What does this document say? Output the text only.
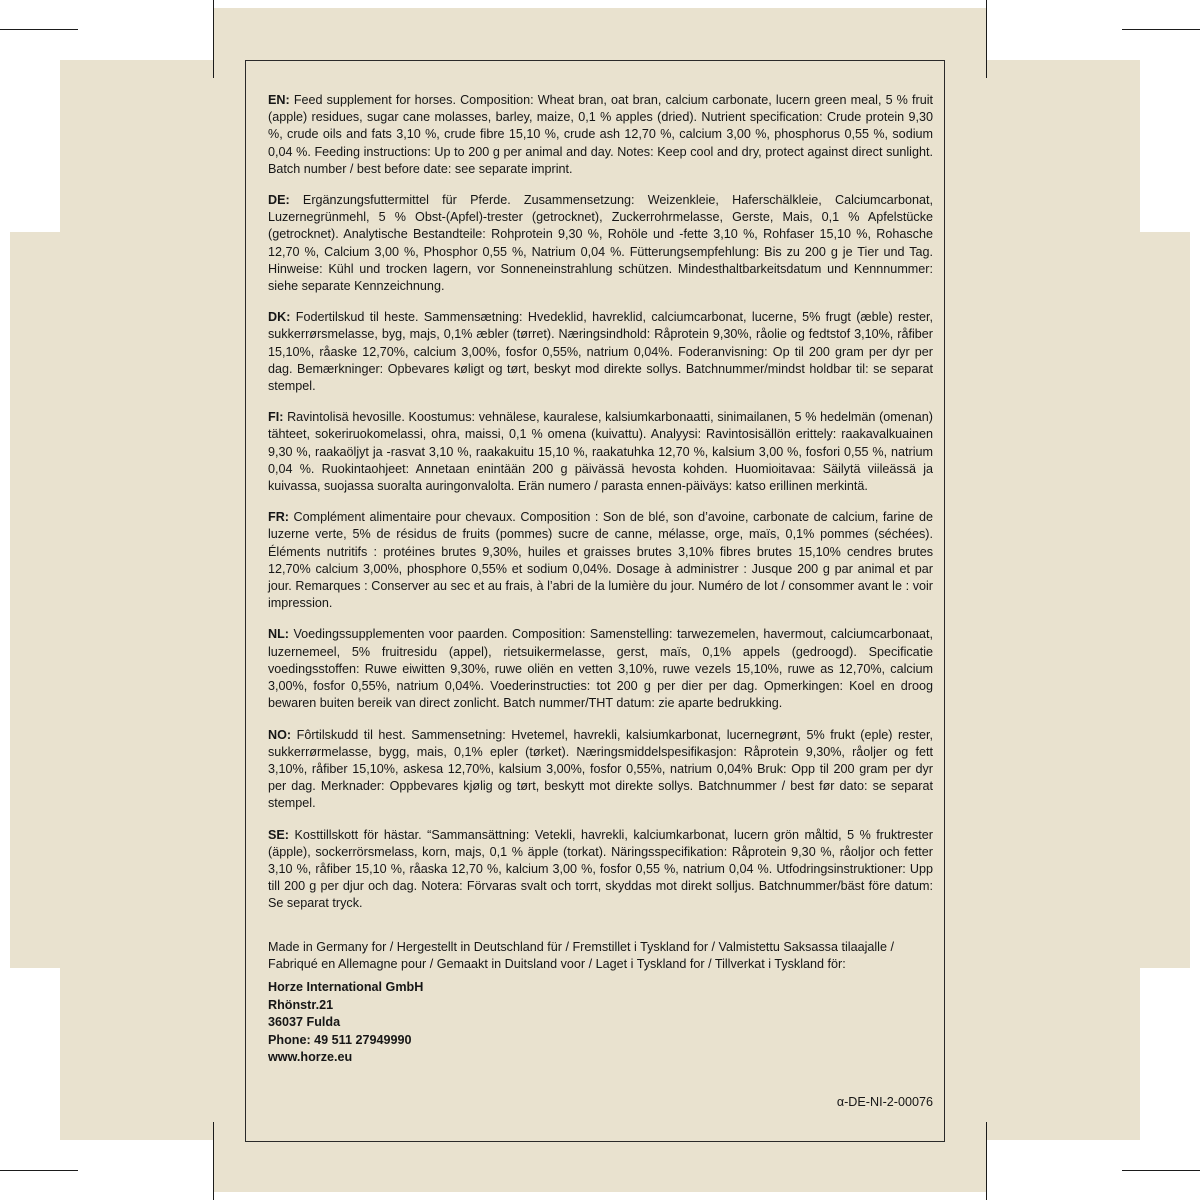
EN: Feed supplement for horses. Composition: Wheat bran, oat bran, calcium carbonate, lucern green meal, 5 % fruit (apple) residues, sugar cane molasses, barley, maize, 0,1 % apples (dried). Nutrient specification: Crude protein 9,30 %, crude oils and fats 3,10 %, crude fibre 15,10 %, crude ash 12,70 %, calcium 3,00 %, phosphorus 0,55 %, sodium 0,04 %. Feeding instructions: Up to 200 g per animal and day. Notes: Keep cool and dry, protect against direct sunlight. Batch number / best before date: see separate imprint.
DE: Ergänzungsfuttermittel für Pferde. Zusammensetzung: Weizenkleie, Haferschälkleie, Calciumcarbonat, Luzernegrünmehl, 5 % Obst-(Apfel)-trester (getrocknet), Zuckerrohrmelasse, Gerste, Mais, 0,1 % Apfelstücke (getrocknet). Analytische Bestandteile: Rohprotein 9,30 %, Rohöle und -fette 3,10 %, Rohfaser 15,10 %, Rohasche 12,70 %, Calcium 3,00 %, Phosphor 0,55 %, Natrium 0,04 %. Fütterungsempfehlung: Bis zu 200 g je Tier und Tag. Hinweise: Kühl und trocken lagern, vor Sonneneinstrahlung schützen. Mindesthaltbarkeitsdatum und Kennnummer: siehe separate Kennzeichnung.
DK: Fodertilskud til heste. Sammensætning: Hvedeklid, havreklid, calciumcarbonat, lucerne, 5% frugt (æble) rester, sukkerrørsmelasse, byg, majs, 0,1% æbler (tørret). Næringsindhold: Råprotein 9,30%, råolie og fedtstof 3,10%, råfiber 15,10%, råaske 12,70%, calcium 3,00%, fosfor 0,55%, natrium 0,04%. Foderanvisning: Op til 200 gram per dyr per dag. Bemærkninger: Opbevares køligt og tørt, beskyt mod direkte sollys. Batchnummer/mindst holdbar til: se separat stempel.
FI: Ravintolisä hevosille. Koostumus: vehnälese, kauralese, kalsiumkarbonaatti, sinimailanen, 5 % hedelmän (omenan) tähteet, sokeriruokomelassi, ohra, maissi, 0,1 % omena (kuivattu). Analyysi: Ravintosisällön erittely: raakavalkuainen 9,30 %, raakaöljyt ja -rasvat 3,10 %, raakakuitu 15,10 %, raakatuhka 12,70 %, kalsium 3,00 %, fosfori 0,55 %, natrium 0,04 %. Ruokintaohjeet: Annetaan enintään 200 g päivässä hevosta kohden. Huomioitavaa: Säilytä viileässä ja kuivassa, suojassa suoralta auringonvalolta. Erän numero / parasta ennen-päiväys: katso erillinen merkintä.
FR: Complément alimentaire pour chevaux. Composition : Son de blé, son d’avoine, carbonate de calcium, farine de luzerne verte, 5% de résidus de fruits (pommes) sucre de canne, mélasse, orge, maïs, 0,1% pommes (séchées). Éléments nutritifs : protéines brutes 9,30%, huiles et graisses brutes 3,10% fibres brutes 15,10% cendres brutes 12,70% calcium 3,00%, phosphore 0,55% et sodium 0,04%. Dosage à administrer : Jusque 200 g par animal et par jour. Remarques : Conserver au sec et au frais, à l’abri de la lumière du jour. Numéro de lot / consommer avant le : voir impression.
NL: Voedingssupplementen voor paarden. Composition: Samenstelling: tarwezemelen, havermout, calciumcarbonaat, luzernemeel, 5% fruitresidu (appel), rietsuikermelasse, gerst, maïs, 0,1% appels (gedroogd). Specificatie voedingsstoffen: Ruwe eiwitten 9,30%, ruwe oliën en vetten 3,10%, ruwe vezels 15,10%, ruwe as 12,70%, calcium 3,00%, fosfor 0,55%, natrium 0,04%. Voederinstructies: tot 200 g per dier per dag. Opmerkingen: Koel en droog bewaren buiten bereik van direct zonlicht. Batch nummer/THT datum: zie aparte bedrukking.
NO: Fôrtilskudd til hest. Sammensetning: Hvetemel, havrekli, kalsiumkarbonat, lucernegrønt, 5% frukt (eple) rester, sukkerrørmelasse, bygg, mais, 0,1% epler (tørket). Næringsmiddelspesifikasjon: Råprotein 9,30%, råoljer og fett 3,10%, råfiber 15,10%, askesa 12,70%, kalsium 3,00%, fosfor 0,55%, natrium 0,04% Bruk: Opp til 200 gram per dyr per dag. Merknader: Oppbevares kjølig og tørt, beskytt mot direkte sollys. Batchnummer / best før dato: se separat stempel.
SE: Kosttillskott för hästar. “Sammansättning: Vetekli, havrekli, kalciumkarbonat, lucern grön måltid, 5 % fruktrester (äpple), sockerrörsmelass, korn, majs, 0,1 % äpple (torkat). Näringsspecifikation: Råprotein 9,30 %, råoljor och fetter 3,10 %, råfiber 15,10 %, råaska 12,70 %, kalcium 3,00 %, fosfor 0,55 %, natrium 0,04 %. Utfodringsinstruktioner: Upp till 200 g per djur och dag. Notera: Förvaras svalt och torrt, skyddas mot direkt solljus. Batchnummer/bäst före datum: Se separat tryck.
Made in Germany for / Hergestellt in Deutschland für / Fremstillet i Tyskland for / Valmistettu Saksassa tilaajalle /
Fabriqué en Allemagne pour / Gemaakt in Duitsland voor / Laget i Tyskland for / Tillverkat i Tyskland för:
Horze International GmbH
Rhönstr.21
36037 Fulda
Phone: 49 511 27949990
www.horze.eu
α-DE-NI-2-00076
